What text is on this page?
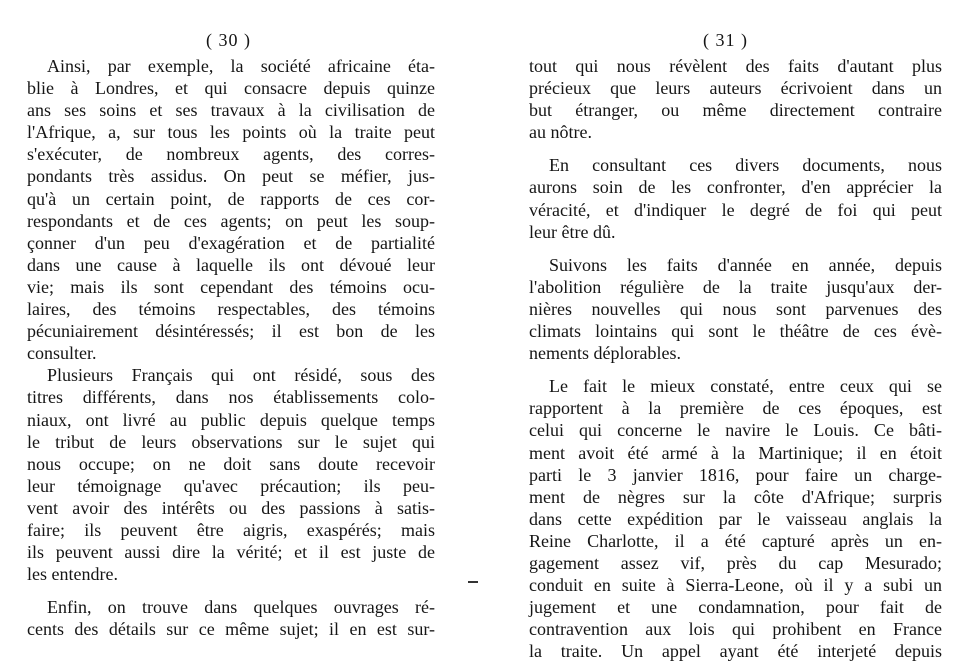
( 30 )
Ainsi, par exemple, la société africaine éta-
blie à Londres, et qui consacre depuis quinze
ans ses soins et ses travaux à la civilisation de
l'Afrique, a, sur tous les points où la traite peut
s'exécuter, de nombreux agents, des corres-
pondants très assidus. On peut se méfier, jus-
qu'à un certain point, de rapports de ces cor-
respondants et de ces agents; on peut les soup-
çonner d'un peu d'exagération et de partialité
dans une cause à laquelle ils ont dévoué leur
vie; mais ils sont cependant des témoins ocu-
laires, des témoins respectables, des témoins
pécuniairement désintéressés; il est bon de les
consulter.
Plusieurs Français qui ont résidé, sous des
titres différents, dans nos établissements colo-
niaux, ont livré au public depuis quelque temps
le tribut de leurs observations sur le sujet qui
nous occupe; on ne doit sans doute recevoir
leur témoignage qu'avec précaution; ils peu-
vent avoir des intérêts ou des passions à satis-
faire; ils peuvent être aigris, exaspérés; mais
ils peuvent aussi dire la vérité; et il est juste de
les entendre.
Enfin, on trouve dans quelques ouvrages ré-
cents des détails sur ce même sujet; il en est sur-
( 31 )
tout qui nous révèlent des faits d'autant plus
précieux que leurs auteurs écrivoient dans un
but étranger, ou même directement contraire
au nôtre.
En consultant ces divers documents, nous
aurons soin de les confronter, d'en apprécier la
véracité, et d'indiquer le degré de foi qui peut
leur être dû.
Suivons les faits d'année en année, depuis
l'abolition régulière de la traite jusqu'aux der-
nières nouvelles qui nous sont parvenues des
climats lointains qui sont le théâtre de ces évè-
nements déplorables.
Le fait le mieux constaté, entre ceux qui se
rapportent à la première de ces époques, est
celui qui concerne le navire le Louis. Ce bâti-
ment avoit été armé à la Martinique; il en étoit
parti le 3 janvier 1816, pour faire un charge-
ment de nègres sur la côte d'Afrique; surpris
dans cette expédition par le vaisseau anglais la
Reine Charlotte, il a été capturé après un en-
gagement assez vif, près du cap Mesurado;
conduit en suite à Sierra-Leone, où il y a subi un
jugement et une condamnation, pour fait de
contravention aux lois qui prohibent en France
la traite. Un appel ayant été interjeté depuis
